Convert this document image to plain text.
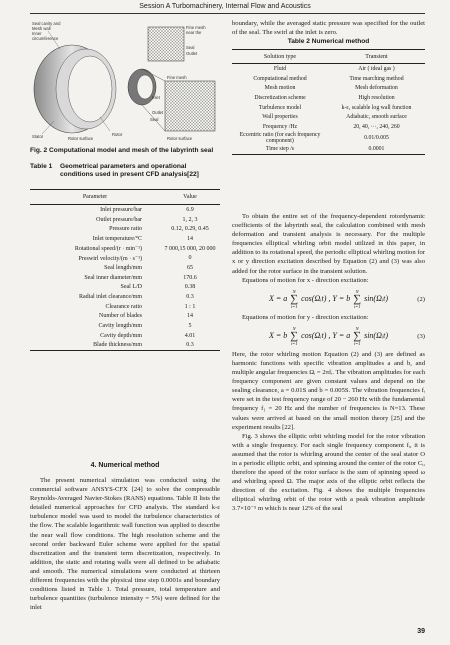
Session A Turbomachinery, Internal Flow and Acoustics
Seal cavity and
Mesh wall
Inner
circumference
Fine mesh
near the
Seal
Outlet
Stator	Rotor
Rotor surface
Fine mesh
Inlet
Outlet
Seal
Rotor surface
Fig. 2 Computational model and mesh of the labyrinth seal
Table 1 Geometrical parameters and operational conditions used in present CFD analysis[22]
Parameter	Value
Inlet pressure/bar	6.9
Outlet pressure/bar	1, 2, 3
Pressure ratio	0.12, 0.29, 0.45
Inlet temperature/°C	14
Rotational speed/(r · min⁻¹)	7 000,15 000, 20 000
Preswirl velocity/(m · s⁻¹)	0
Seal length/mm	65
Seal inner diameter/mm	170.6
Seal L/D	0.38
Radial inlet clearance/mm	0.3
Clearance ratio	1 : 1
Number of blades	14
Cavity length/mm	5
Cavity depth/mm	4.01
Blade thickness/mm	0.3
4. Numerical method

The present numerical simulation was conducted using the commercial software ANSYS-CFX [24] to solve the compressible Reynolds-Averaged Navier-Stokes (RANS) equations. Table II lists the detailed numerical approaches for CFD analysis. The standard k-ε turbulence model was used to model the turbulence characteristics of the flow. The scalable logarithmic wall function was applied to describe the near wall flow conditions. The high resolution scheme and the second order backward Euler scheme were applied for the spatial discretization and the transient term discretization, respectively. In addition, the static and rotating walls were all defined to be adiabatic and smooth. The numerical simulations were conducted at thirteen different frequencies with the physical time step 0.0001s and boundary conditions listed in Table 1. Total pressure, total temperature and turbulence quantities (turbulence intensity = 5%) were defined for the inlet

boundary, while the averaged static pressure was specified for the outlet of the seal. The swirl at the inlet is zero.

Table 2 Numerical method
Solution type	Transient
Fluid	Air ( ideal gas )
Computational method	Time marching method
Mesh motion	Mesh deformation
Discretization scheme	High resolution
Turbulence model	k-ε, scalable log wall function
Wall properties	Adiabatic, smooth surface
Frequency /Hz	20, 40, ···, 240, 260
Eccentric ratio (for each frequency component)	0.01/0.005
Time step /s	0.0001

To obtain the entire set of the frequency-dependent rotordynamic coefficients of the labyrinth seal, the calculation combined with mesh deformation and transient analysis is necessary. For the multiple frequencies elliptical whirling orbit model utilized in this paper, in addition to its rotational speed, the periodic elliptical whirling motion for x or y direction excitation described by Equation (2) and (3) was also added for the rotor surface in the transient solution.

Equations of motion for x - direction excitation:

X = a
N
∑
i=1
cos(Ωᵢt) , Y = b
N
∑
i=1
sin(Ωᵢt)	(2)

Equations of motion for y - direction excitation:

X = b
N
∑
i=1
cos(Ωᵢt) , Y = a
N
∑
i=1
sin(Ωᵢt)	(3)

Here, the rotor whirling motion Equation (2) and (3) are defined as harmonic functions with specific vibration amplitudes a and b, and multiple angular frequencies Ωᵢ = 2πfᵢ. The vibration amplitudes for each frequency component are given constant values and depend on the sealing clearance, a = 0.01S and b = 0.005S. The vibration frequencies fᵢ were set in the test frequency range of 20 − 260 Hz with the fundamental frequency f₁ = 20 Hz and the number of frequencies is N=13. These values were arrived at based on the small motion theory [25] and the experiment results [22].

Fig. 3 shows the elliptic orbit whirling model for the rotor vibration with a single frequency. For each single frequency component fᵢ, it is assumed that the rotor is whirling around the center of the seal stator O in a periodic elliptic orbit, and spinning around the center of the rotor Cᵢ, therefore the speed of the rotor surface is the sum of spinning speed ω and whirling speed Ω. The major axis of the elliptic orbit reflects the direction of the excitation. Fig. 4 shows the multiple frequencies elliptical whirling orbit of the rotor with a peak vibration amplitude 3.7×10⁻⁵ m which is near 12% of the seal

39
